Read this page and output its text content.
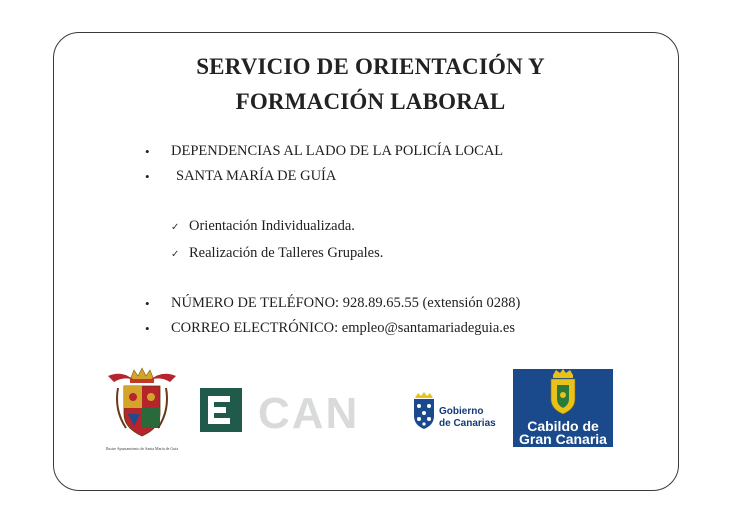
SERVICIO DE ORIENTACIÓN Y
FORMACIÓN LABORAL
• DEPENDENCIAS AL LADO DE LA POLICÍA LOCAL
• SANTA MARÍA DE GUÍA
✓ Orientación Individualizada.
✓ Realización de Talleres Grupales.
• NÚMERO DE TELÉFONO: 928.89.65.55 (extensión 0288)
• CORREO ELECTRÓNICO: empleo@santamariadeguia.es
Ilustre Ayuntamiento de Santa María de Guía
CAN	Gobierno
de Canarias Cabildo de
Gran Canaria
